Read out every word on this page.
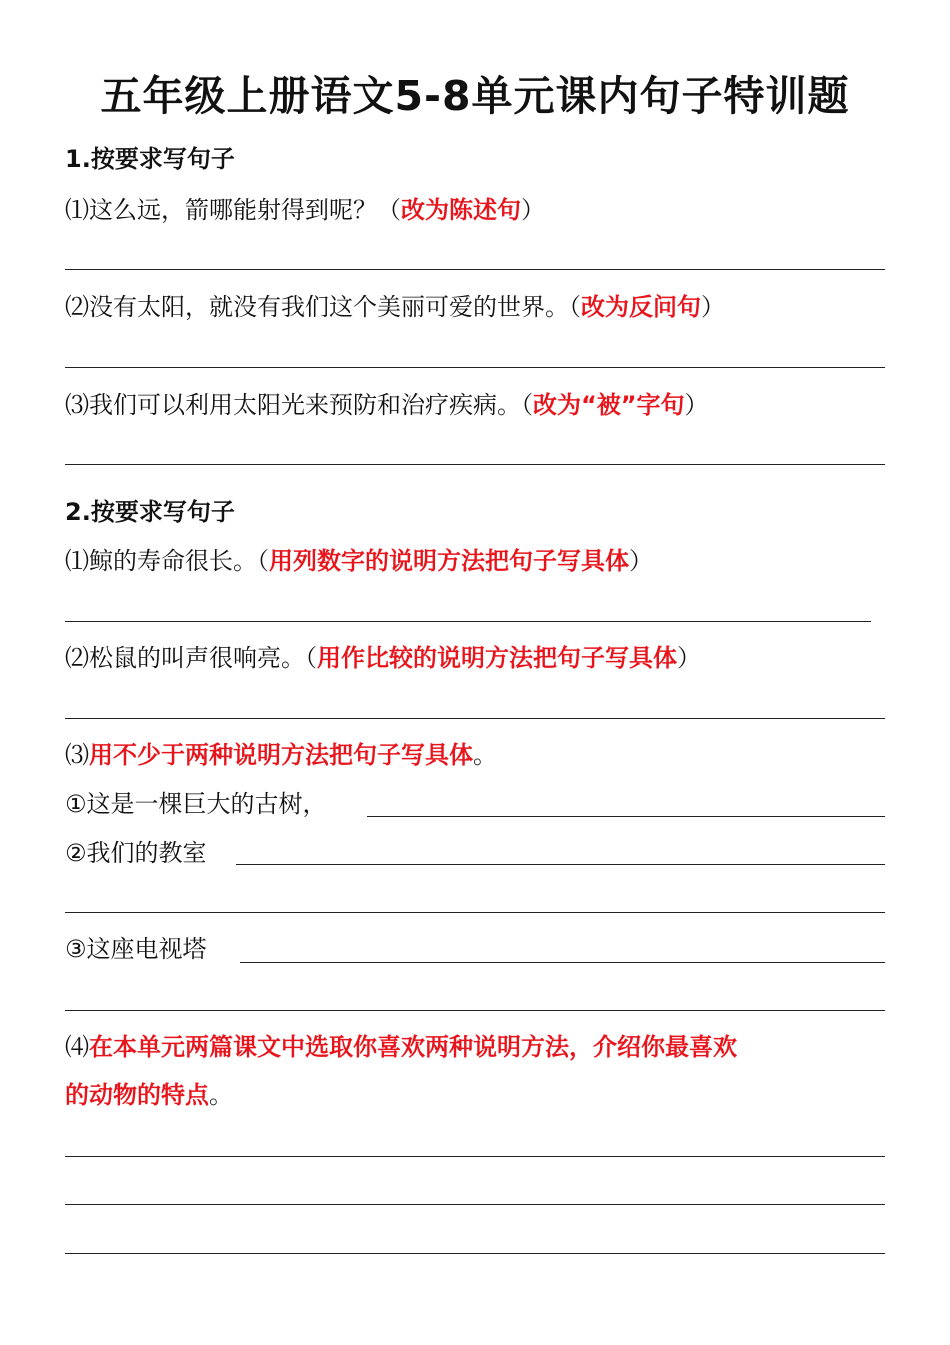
五年级上册语文5-8单元课内句子特训题
1.按要求写句子
⑴这么远，箭哪能射得到呢？（改为陈述句）
⑵没有太阳，就没有我们这个美丽可爱的世界。（改为反问句）
⑶我们可以利用太阳光来预防和治疗疾病。（改为“被”字句）
2.按要求写句子
⑴鲸的寿命很长。（用列数字的说明方法把句子写具体）
⑵松鼠的叫声很响亮。（用作比较的说明方法把句子写具体）
⑶用不少于两种说明方法把句子写具体。
①这是一棵巨大的古树，
②我们的教室
③这座电视塔
⑷在本单元两篇课文中选取你喜欢两种说明方法，介绍你最喜欢
的动物的特点。
